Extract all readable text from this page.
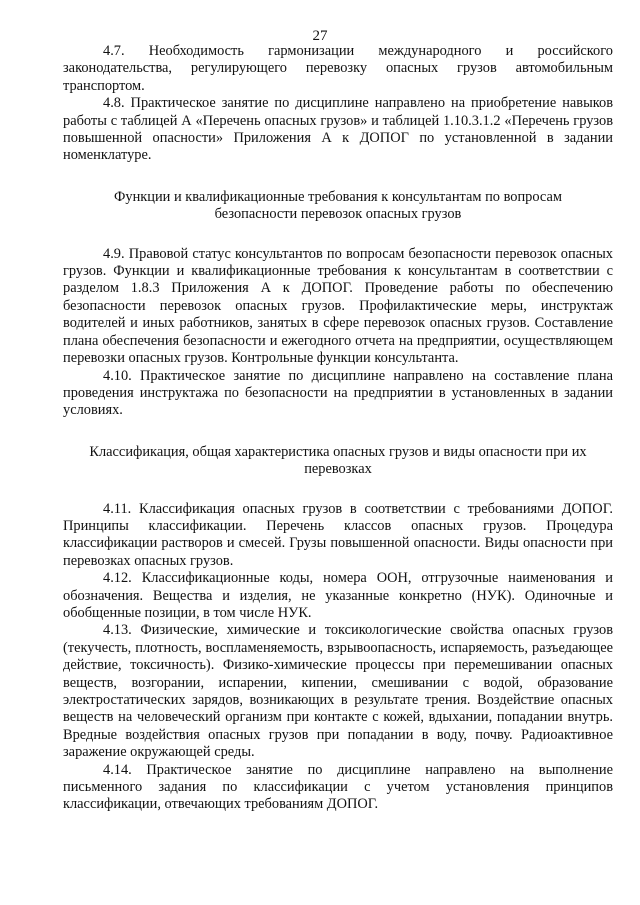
27

4.7. Необходимость гармонизации международного и российского законодательства, регулирующего перевозку опасных грузов автомобильным транспортом.

4.8. Практическое занятие по дисциплине направлено на приобретение навыков работы с таблицей А «Перечень опасных грузов» и таблицей 1.10.3.1.2 «Перечень грузов повышенной опасности» Приложения А к ДОПОГ по установленной в задании номенклатуре.

Функции и квалификационные требования к консультантам по вопросам безопасности перевозок опасных грузов

4.9. Правовой статус консультантов по вопросам безопасности перевозок опасных грузов. Функции и квалификационные требования к консультантам в соответствии с разделом 1.8.3 Приложения А к ДОПОГ. Проведение работы по обеспечению безопасности перевозок опасных грузов. Профилактические меры, инструктаж водителей и иных работников, занятых в сфере перевозок опасных грузов. Составление плана обеспечения безопасности и ежегодного отчета на предприятии, осуществляющем перевозки опасных грузов. Контрольные функции консультанта.

4.10. Практическое занятие по дисциплине направлено на составление плана проведения инструктажа по безопасности на предприятии в установленных в задании условиях.

Классификация, общая характеристика опасных грузов и виды опасности при их перевозках

4.11. Классификация опасных грузов в соответствии с требованиями ДОПОГ. Принципы классификации. Перечень классов опасных грузов. Процедура классификации растворов и смесей. Грузы повышенной опасности. Виды опасности при перевозках опасных грузов.

4.12. Классификационные коды, номера ООН, отгрузочные наименования и обозначения. Вещества и изделия, не указанные конкретно (НУК). Одиночные и обобщенные позиции, в том числе НУК.

4.13. Физические, химические и токсикологические свойства опасных грузов (текучесть, плотность, воспламеняемость, взрывоопасность, испаряемость, разъедающее действие, токсичность). Физико-химические процессы при перемешивании опасных веществ, возгорании, испарении, кипении, смешивании с водой, образование электростатических зарядов, возникающих в результате трения. Воздействие опасных веществ на человеческий организм при контакте с кожей, вдыхании, попадании внутрь. Вредные воздействия опасных грузов при попадании в воду, почву. Радиоактивное заражение окружающей среды.

4.14. Практическое занятие по дисциплине направлено на выполнение письменного задания по классификации с учетом установления принципов классификации, отвечающих требованиям ДОПОГ.
